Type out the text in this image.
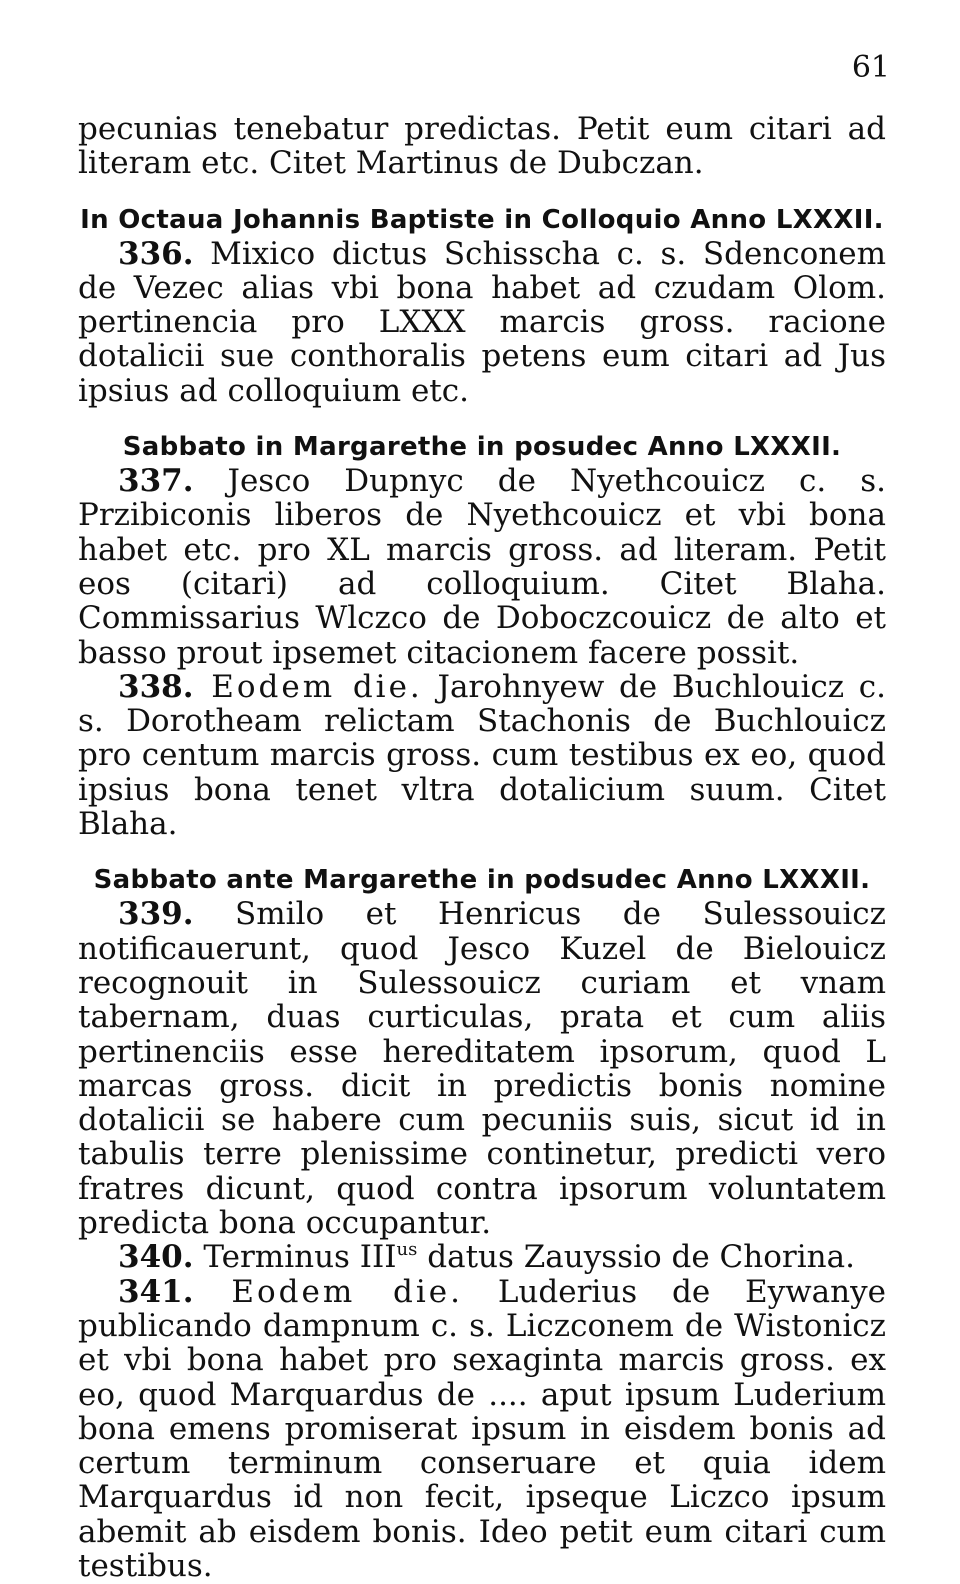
61

pecunias tenebatur predictas. Petit eum citari ad literam etc. Citet Martinus de Dubczan.

In Octaua Johannis Baptiste in Colloquio Anno LXXXII.

336. Mixico dictus Schisscha c. s. Sdenconem de Vezec alias vbi bona habet ad czudam Olom. pertinencia pro LXXX marcis gross. racione dotalicii sue conthoralis petens eum citari ad Jus ipsius ad colloquium etc.

Sabbato in Margarethe in posudec Anno LXXXII.

337. Jesco Dupnyc de Nyethcouicz c. s. Przibiconis liberos de Nyethcouicz et vbi bona habet etc. pro XL marcis gross. ad literam. Petit eos (citari) ad colloquium. Citet Blaha. Commissarius Wlczco de Doboczcouicz de alto et basso prout ipsemet citacionem facere possit.

338. Eodem die. Jarohnyew de Buchlouicz c. s. Dorotheam relictam Stachonis de Buchlouicz pro centum marcis gross. cum testibus ex eo, quod ipsius bona tenet vltra dotalicium suum. Citet Blaha.

Sabbato ante Margarethe in podsudec Anno LXXXII.

339. Smilo et Henricus de Sulessouicz notificauerunt, quod Jesco Kuzel de Bielouicz recognouit in Sulessouicz curiam et vnam tabernam, duas curticulas, prata et cum aliis pertinenciis esse hereditatem ipsorum, quod L marcas gross. dicit in predictis bonis nomine dotalicii se habere cum pecuniis suis, sicut id in tabulis terre plenissime continetur, predicti vero fratres dicunt, quod contra ipsorum voluntatem predicta bona occupantur.

340. Terminus $III^{us}$ datus Zauyssio de Chorina.

341. Eodem die. Luderius de Eywanye publicando dampnum c. s. Liczconem de Wistonicz et vbi bona habet pro sexaginta marcis gross. ex eo, quod Marquardus de .... aput ipsum Luderium bona emens promiserat ipsum in eisdem bonis ad certum terminum conseruare et quia idem Marquardus id non fecit, ipseque Liczco ipsum abemit ab eisdem bonis. Ideo petit eum citari cum testibus.
